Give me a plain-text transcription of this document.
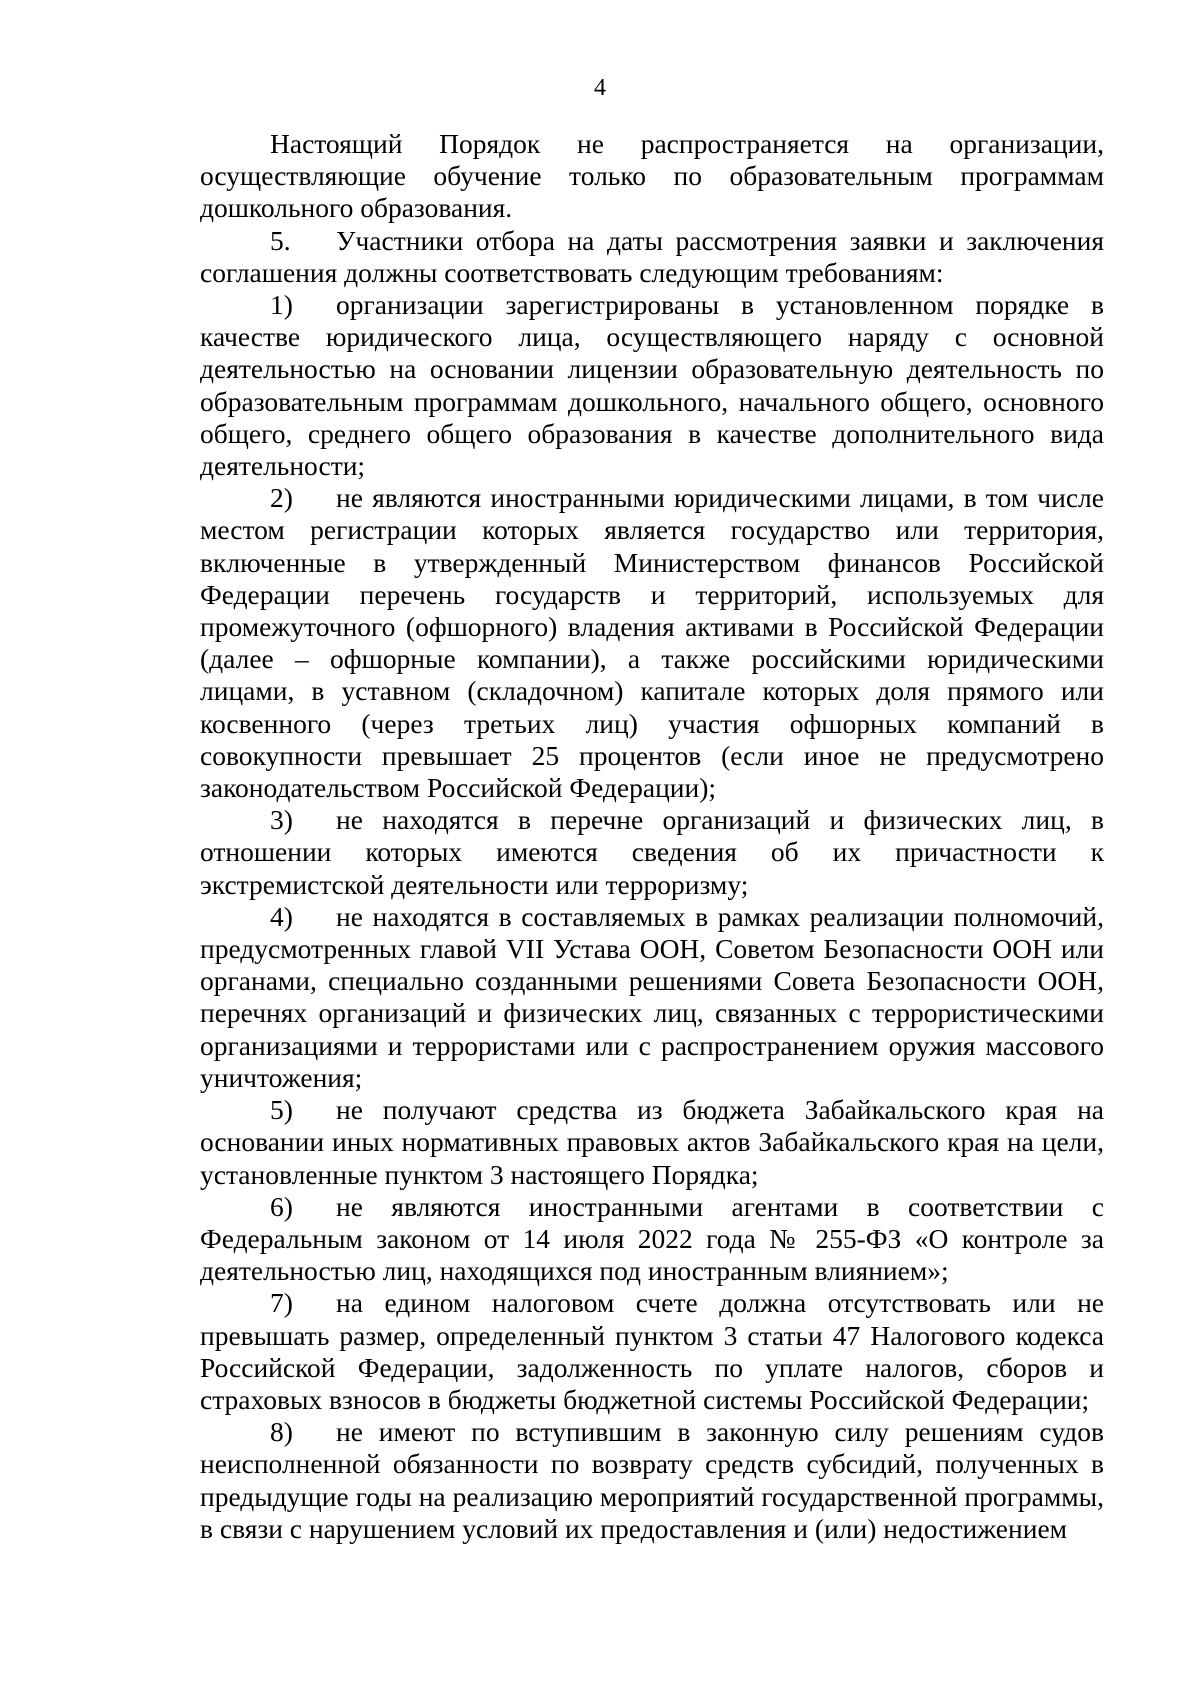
4

Настоящий Порядок не распространяется на организации, осуществляющие обучение только по образовательным программам дошкольного образования.

5. Участники отбора на даты рассмотрения заявки и заключения соглашения должны соответствовать следующим требованиям:

1) организации зарегистрированы в установленном порядке в качестве юридического лица, осуществляющего наряду с основной деятельностью на основании лицензии образовательную деятельность по образовательным программам дошкольного, начального общего, основного общего, среднего общего образования в качестве дополнительного вида деятельности;

2) не являются иностранными юридическими лицами, в том числе местом регистрации которых является государство или территория, включенные в утвержденный Министерством финансов Российской Федерации перечень государств и территорий, используемых для промежуточного (офшорного) владения активами в Российской Федерации (далее – офшорные компании), а также российскими юридическими лицами, в уставном (складочном) капитале которых доля прямого или косвенного (через третьих лиц) участия офшорных компаний в совокупности превышает 25 процентов (если иное не предусмотрено законодательством Российской Федерации);

3) не находятся в перечне организаций и физических лиц, в отношении которых имеются сведения об их причастности к экстремистской деятельности или терроризму;

4) не находятся в составляемых в рамках реализации полномочий, предусмотренных главой VII Устава ООН, Советом Безопасности ООН или органами, специально созданными решениями Совета Безопасности ООН, перечнях организаций и физических лиц, связанных с террористическими организациями и террористами или с распространением оружия массового уничтожения;

5) не получают средства из бюджета Забайкальского края на основании иных нормативных правовых актов Забайкальского края на цели, установленные пунктом 3 настоящего Порядка;

6) не являются иностранными агентами в соответствии с Федеральным законом от 14 июля 2022 года № 255-ФЗ «О контроле за деятельностью лиц, находящихся под иностранным влиянием»;

7) на едином налоговом счете должна отсутствовать или не превышать размер, определенный пунктом 3 статьи 47 Налогового кодекса Российской Федерации, задолженность по уплате налогов, сборов и страховых взносов в бюджеты бюджетной системы Российской Федерации;

8) не имеют по вступившим в законную силу решениям судов неисполненной обязанности по возврату средств субсидий, полученных в предыдущие годы на реализацию мероприятий государственной программы, в связи с нарушением условий их предоставления и (или) недостижением
